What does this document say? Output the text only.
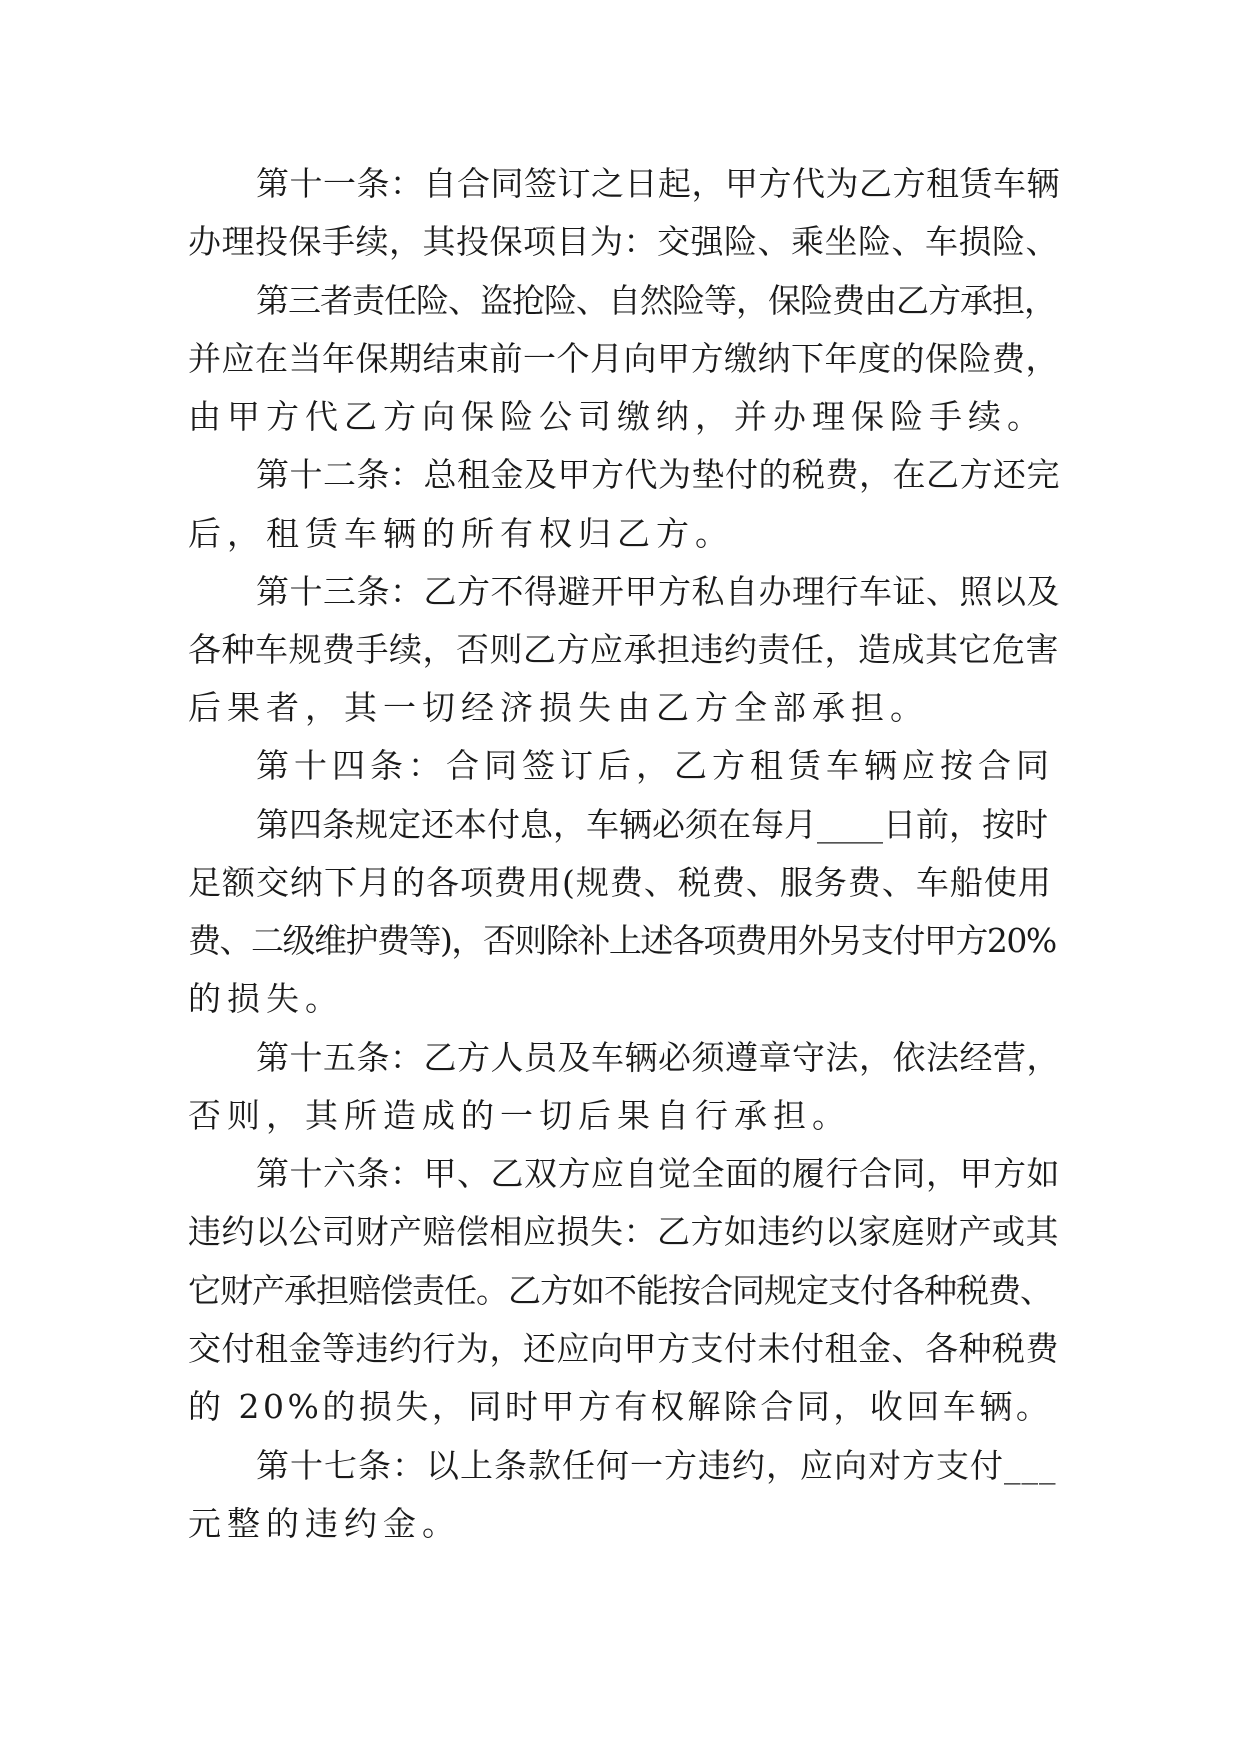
第十一条：自合同签订之日起，甲方代为乙方租赁车辆
办理投保手续，其投保项目为：交强险、乘坐险、车损险、
第三者责任险、盗抢险、自然险等，保险费由乙方承担，
并应在当年保期结束前一个月向甲方缴纳下年度的保险费，
由甲方代乙方向保险公司缴纳，并办理保险手续。
第十二条：总租金及甲方代为垫付的税费，在乙方还完
后，租赁车辆的所有权归乙方。
第十三条：乙方不得避开甲方私自办理行车证、照以及
各种车规费手续，否则乙方应承担违约责任，造成其它危害
后果者，其一切经济损失由乙方全部承担。
第十四条：合同签订后，乙方租赁车辆应按合同
第四条规定还本付息，车辆必须在每月____日前，按时
足额交纳下月的各项费用(规费、税费、服务费、车船使用
费、二级维护费等)，否则除补上述各项费用外另支付甲方20%
的损失。
第十五条：乙方人员及车辆必须遵章守法，依法经营，
否则，其所造成的一切后果自行承担。
第十六条：甲、乙双方应自觉全面的履行合同，甲方如
违约以公司财产赔偿相应损失：乙方如违约以家庭财产或其
它财产承担赔偿责任。乙方如不能按合同规定支付各种税费、
交付租金等违约行为，还应向甲方支付未付租金、各种税费
的 20%的损失，同时甲方有权解除合同，收回车辆。
第十七条：以上条款任何一方违约，应向对方支付___
元整的违约金。
